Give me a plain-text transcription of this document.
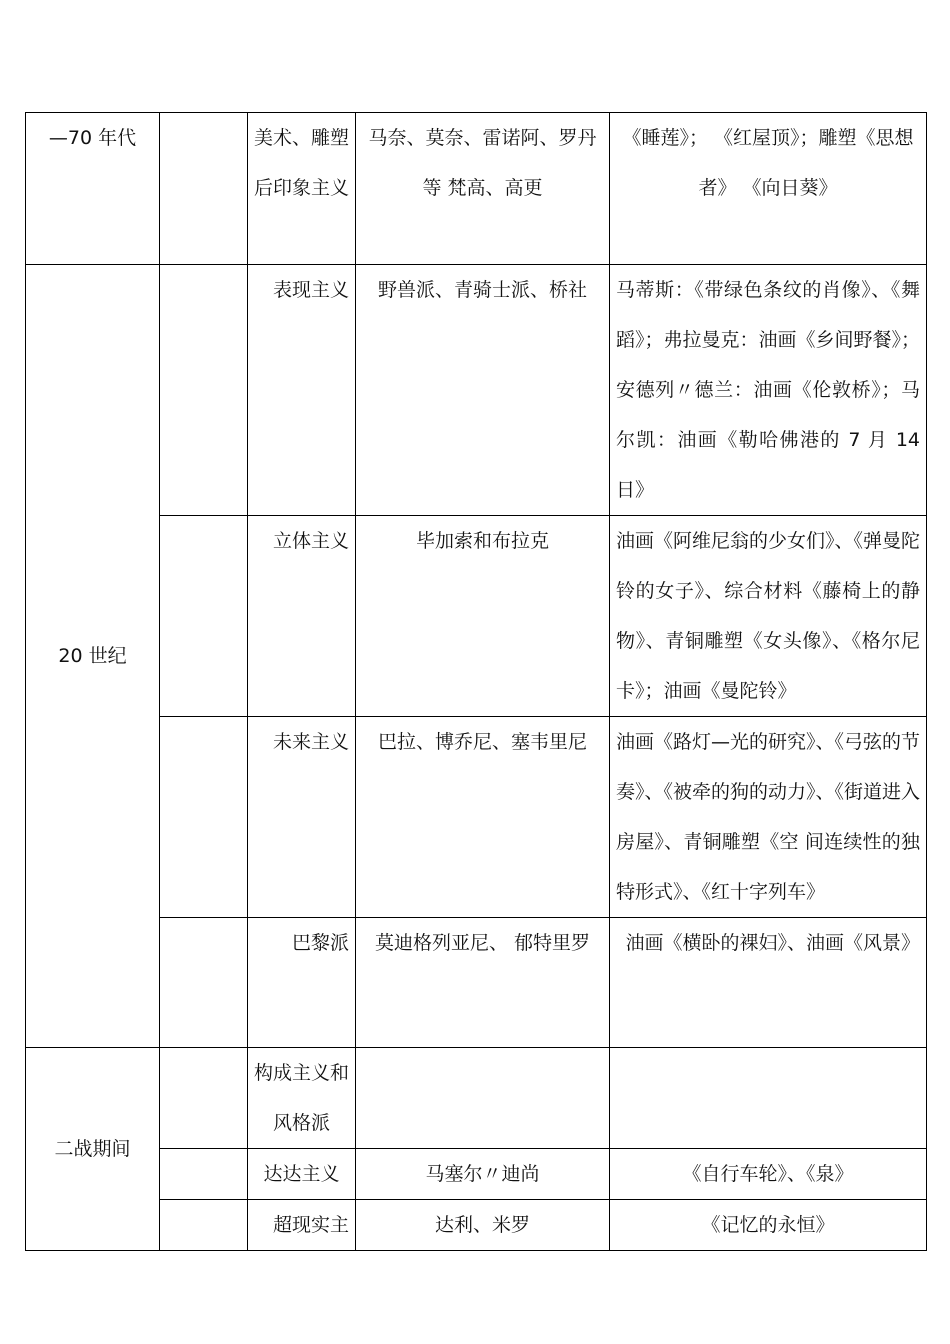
—70 年代		美术、雕塑后印象主义	马奈、莫奈、雷诺阿、罗丹等 梵高、高更	《睡莲》； 《红屋顶》；雕塑《思想者》 《向日葵》
20 世纪		表现主义	野兽派、青骑士派、桥社	马蒂斯：《带绿色条纹的肖像》、《舞蹈》；弗拉曼克：油画《乡间野餐》；安德列〃德兰：油画《伦敦桥》；马尔凯：油画《勒哈佛港的 7 月 14 日》
		立体主义	毕加索和布拉克	油画《阿维尼翁的少女们》、《弹曼陀铃的女子》、综合材料《藤椅上的静物》、青铜雕塑《女头像》、《格尔尼卡》；油画《曼陀铃》
		未来主义	巴拉、博乔尼、塞韦里尼	油画《路灯—光的研究》、《弓弦的节奏》、《被牵的狗的动力》、《街道进入房屋》、青铜雕塑《空 间连续性的独特形式》、《红十字列车》
		巴黎派	莫迪格列亚尼、 郁特里罗	油画《横卧的裸妇》、油画《风景》
二战期间		构成主义和风格派		
		达达主义	马塞尔〃迪尚	《自行车轮》、《泉》
		超现实主	达利、米罗	《记忆的永恒》
